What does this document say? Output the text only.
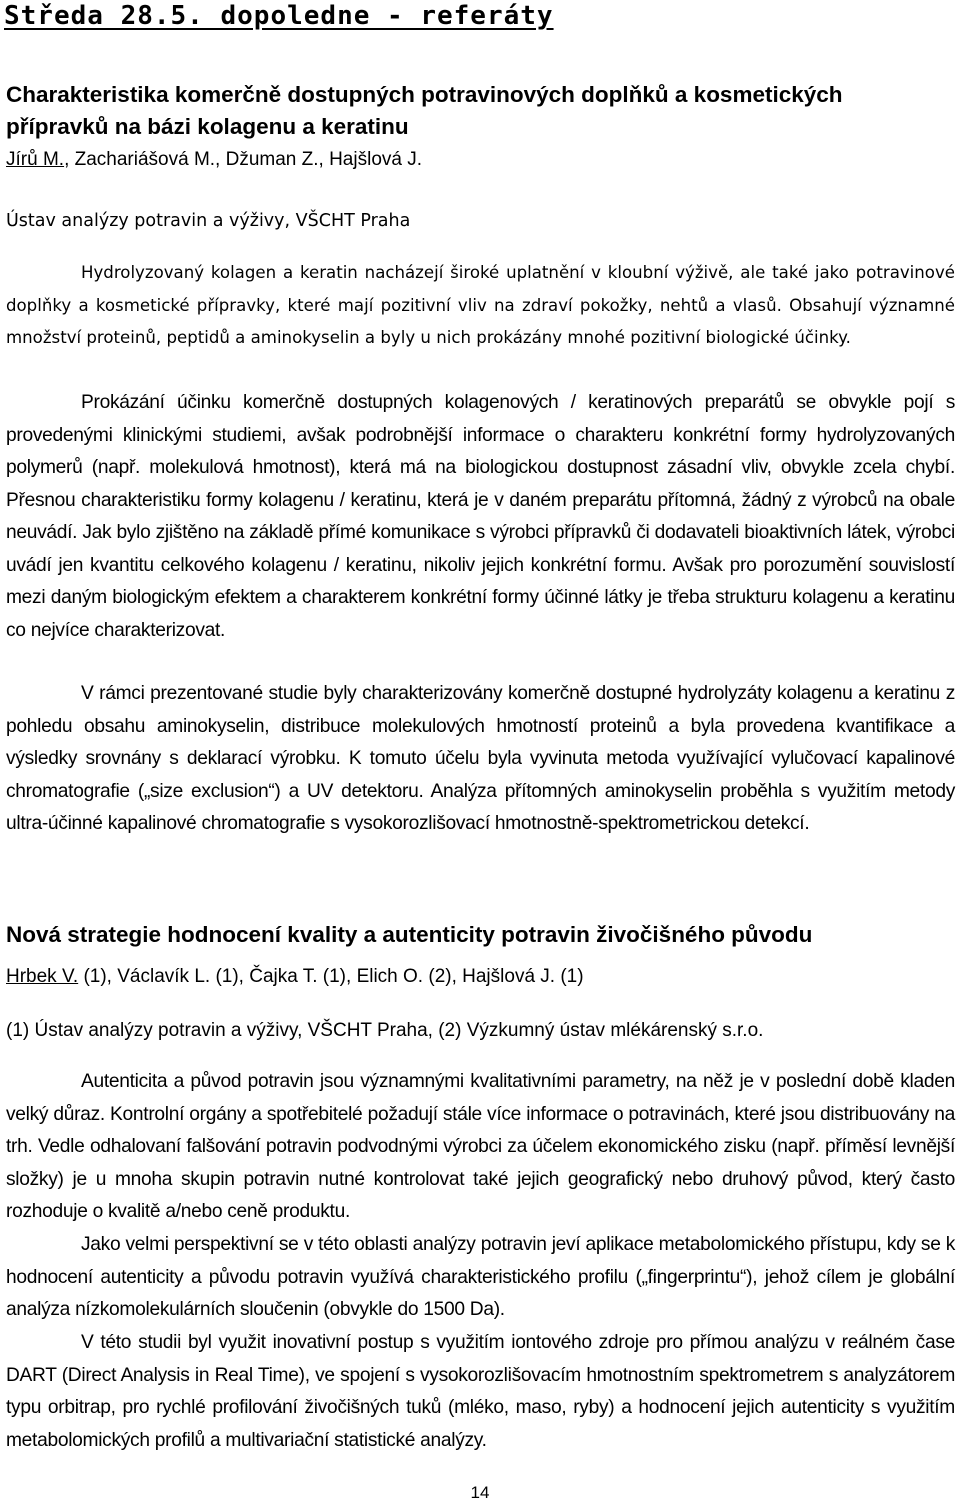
Středa 28.5. dopoledne - referáty
Charakteristika komerčně dostupných potravinových doplňků a kosmetických přípravků na bázi kolagenu a keratinu
Jírů M., Zachariášová M., Džuman Z., Hajšlová J.
Ústav analýzy potravin a výživy, VŠCHT Praha

Hydrolyzovaný kolagen a keratin nacházejí široké uplatnění v kloubní výživě, ale také jako potravinové doplňky a kosmetické přípravky, které mají pozitivní vliv na zdraví pokožky, nehtů a vlasů. Obsahují významné množství proteinů, peptidů a aminokyselin a byly u nich prokázány mnohé pozitivní biologické účinky.

Prokázání účinku komerčně dostupných kolagenových / keratinových preparátů se obvykle pojí s provedenými klinickými studiemi, avšak podrobnější informace o charakteru konkrétní formy hydrolyzovaných polymerů (např. molekulová hmotnost), která má na biologickou dostupnost zásadní vliv, obvykle zcela chybí. Přesnou charakteristiku formy kolagenu / keratinu, která je v daném preparátu přítomná, žádný z výrobců na obale neuvádí. Jak bylo zjištěno na základě přímé komunikace s výrobci přípravků či dodavateli bioaktivních látek, výrobci uvádí jen kvantitu celkového kolagenu / keratinu, nikoliv jejich konkrétní formu. Avšak pro porozumění souvislostí mezi daným biologickým efektem a charakterem konkrétní formy účinné látky je třeba strukturu kolagenu a keratinu co nejvíce charakterizovat.

V rámci prezentované studie byly charakterizovány komerčně dostupné hydrolyzáty kolagenu a keratinu z pohledu obsahu aminokyselin, distribuce molekulových hmotností proteinů a byla provedena kvantifikace a výsledky srovnány s deklarací výrobku. K tomuto účelu byla vyvinuta metoda využívající vylučovací kapalinové chromatografie („size exclusion“) a UV detektoru. Analýza přítomných aminokyselin proběhla s využitím metody ultra-účinné kapalinové chromatografie s vysokorozlišovací hmotnostně-spektrometrickou detekcí.

Nová strategie hodnocení kvality a autenticity potravin živočišného původu
Hrbek V. (1), Václavík L. (1), Čajka T. (1), Elich O. (2), Hajšlová J. (1)
(1) Ústav analýzy potravin a výživy, VŠCHT Praha, (2) Výzkumný ústav mlékárenský s.r.o.

Autenticita a původ potravin jsou významnými kvalitativními parametry, na něž je v poslední době kladen velký důraz. Kontrolní orgány a spotřebitelé požadují stále více informace o potravinách, které jsou distribuovány na trh. Vedle odhalovaní falšování potravin podvodnými výrobci za účelem ekonomického zisku (např. příměsí levnější složky) je u mnoha skupin potravin nutné kontrolovat také jejich geografický nebo druhový původ, který často rozhoduje o kvalitě a/nebo ceně produktu.

Jako velmi perspektivní se v této oblasti analýzy potravin jeví aplikace metabolomického přístupu, kdy se k hodnocení autenticity a původu potravin využívá charakteristického profilu („fingerprintu“), jehož cílem je globální analýza nízkomolekulárních sloučenin (obvykle do 1500 Da).

V této studii byl využit inovativní postup s využitím iontového zdroje pro přímou analýzu v reálném čase DART (Direct Analysis in Real Time), ve spojení s vysokorozlišovacím hmotnostním spektrometrem s analyzátorem typu orbitrap, pro rychlé profilování živočišných tuků (mléko, maso, ryby) a hodnocení jejich autenticity s využitím metabolomických profilů a multivariační statistické analýzy.

14
